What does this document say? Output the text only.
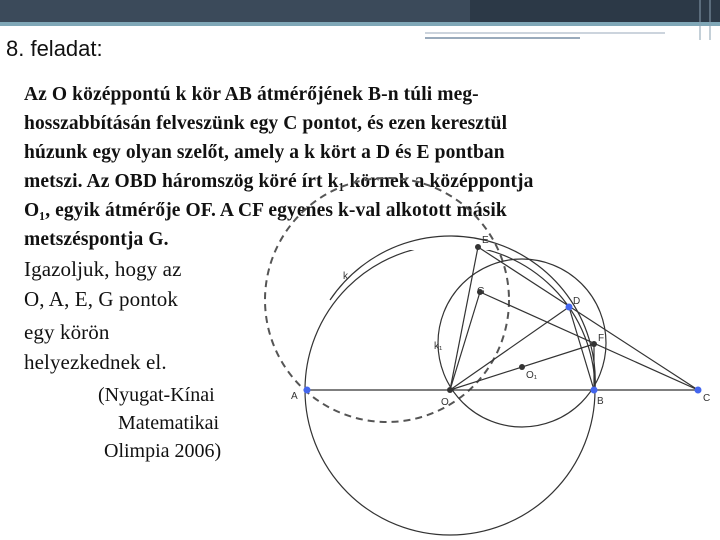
8. feladat:
Az O középpontú k kör AB átmérőjének B-n túli meg-
hosszabbításán felveszünk egy C pontot, és ezen keresztül
húzunk egy olyan szelőt, amely a k kört a D és E pontban
metszi. Az OBD háromszög köré írt k₁ körnek a középpontja
O₁, egyik átmérője OF. A CF egyenes k-val alkotott másik
metszéspontja G.
Igazoljuk, hogy az
O, A, E, G pontok
egy körön
helyezkednek el.
(Nyugat-Kínai
Matematikai
Olimpia 2006)
A	B	C
D
E
F
G
O
O₁
k
k₁
